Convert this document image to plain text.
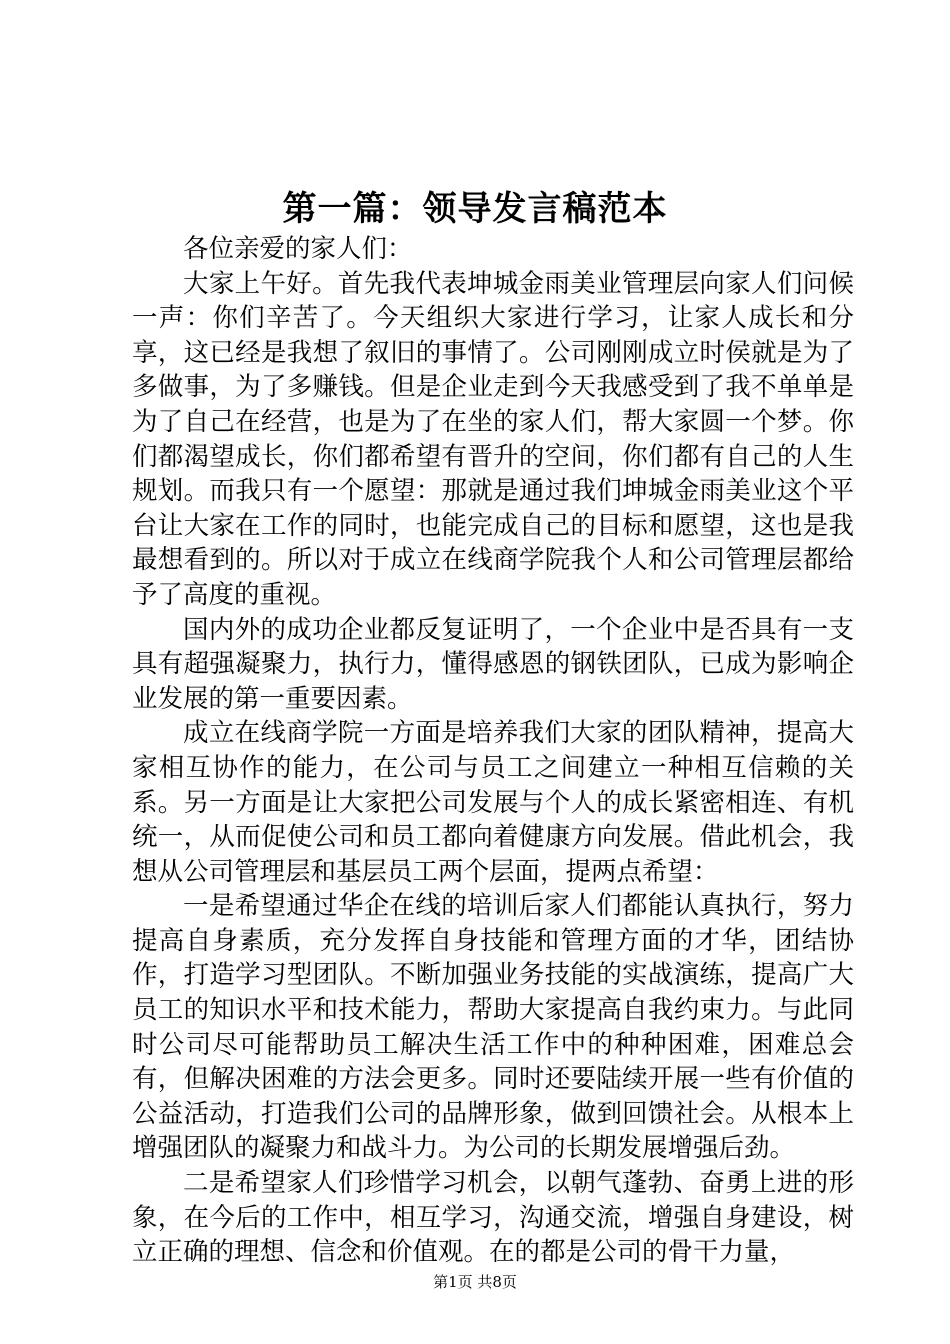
第一篇：领导发言稿范本

各位亲爱的家人们：

大家上午好。首先我代表坤城金雨美业管理层向家人们问候一声：你们辛苦了。今天组织大家进行学习，让家人成长和分享，这已经是我想了叙旧的事情了。公司刚刚成立时侯就是为了多做事，为了多赚钱。但是企业走到今天我感受到了我不单单是为了自己在经营，也是为了在坐的家人们，帮大家圆一个梦。你们都渴望成长，你们都希望有晋升的空间，你们都有自己的人生规划。而我只有一个愿望：那就是通过我们坤城金雨美业这个平台让大家在工作的同时，也能完成自己的目标和愿望，这也是我最想看到的。所以对于成立在线商学院我个人和公司管理层都给予了高度的重视。

国内外的成功企业都反复证明了，一个企业中是否具有一支具有超强凝聚力，执行力，懂得感恩的钢铁团队，已成为影响企业发展的第一重要因素。

成立在线商学院一方面是培养我们大家的团队精神，提高大家相互协作的能力，在公司与员工之间建立一种相互信赖的关系。另一方面是让大家把公司发展与个人的成长紧密相连、有机统一，从而促使公司和员工都向着健康方向发展。借此机会，我想从公司管理层和基层员工两个层面，提两点希望：

一是希望通过华企在线的培训后家人们都能认真执行，努力提高自身素质，充分发挥自身技能和管理方面的才华，团结协作，打造学习型团队。不断加强业务技能的实战演练，提高广大员工的知识水平和技术能力，帮助大家提高自我约束力。与此同时公司尽可能帮助员工解决生活工作中的种种困难，困难总会有，但解决困难的方法会更多。同时还要陆续开展一些有价值的公益活动，打造我们公司的品牌形象，做到回馈社会。从根本上增强团队的凝聚力和战斗力。为公司的长期发展增强后劲。

二是希望家人们珍惜学习机会，以朝气蓬勃、奋勇上进的形象，在今后的工作中，相互学习，沟通交流，增强自身建设，树立正确的理想、信念和价值观。在的都是公司的骨干力量，

第1页 共8页
